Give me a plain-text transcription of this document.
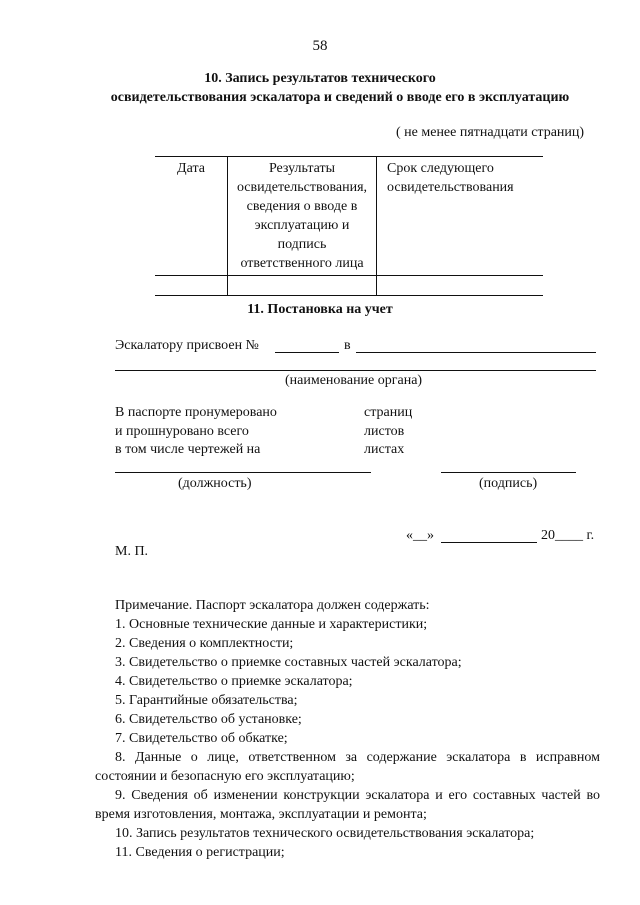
58
10. Запись результатов технического
освидетельствования эскалатора и сведений о вводе его в эксплуатацию
( не менее пятнадцати страниц)
Дата	Результаты освидетельствования, сведения о вводе в эксплуатацию и подпись ответственного лица	Срок следующего освидетельствования

11. Постановка на учет
Эскалатору присвоен №	в
(наименование органа)
В паспорте пронумеровано	страниц
и прошнуровано всего	листов
в том числе чертежей на	листах
(должность)	(подпись)
«__»	20____ г.
М. П.
Примечание. Паспорт эскалатора должен содержать:
1. Основные технические данные и характеристики;
2. Сведения о комплектности;
3. Свидетельство о приемке составных частей эскалатора;
4. Свидетельство о приемке эскалатора;
5. Гарантийные обязательства;
6. Свидетельство об установке;
7. Свидетельство об обкатке;
8. Данные о лице, ответственном за содержание эскалатора в исправном состоянии и безопасную его эксплуатацию;
9. Сведения об изменении конструкции эскалатора и его составных частей во время изготовления, монтажа, эксплуатации и ремонта;
10. Запись результатов технического освидетельствования эскалатора;
11. Сведения о регистрации;
